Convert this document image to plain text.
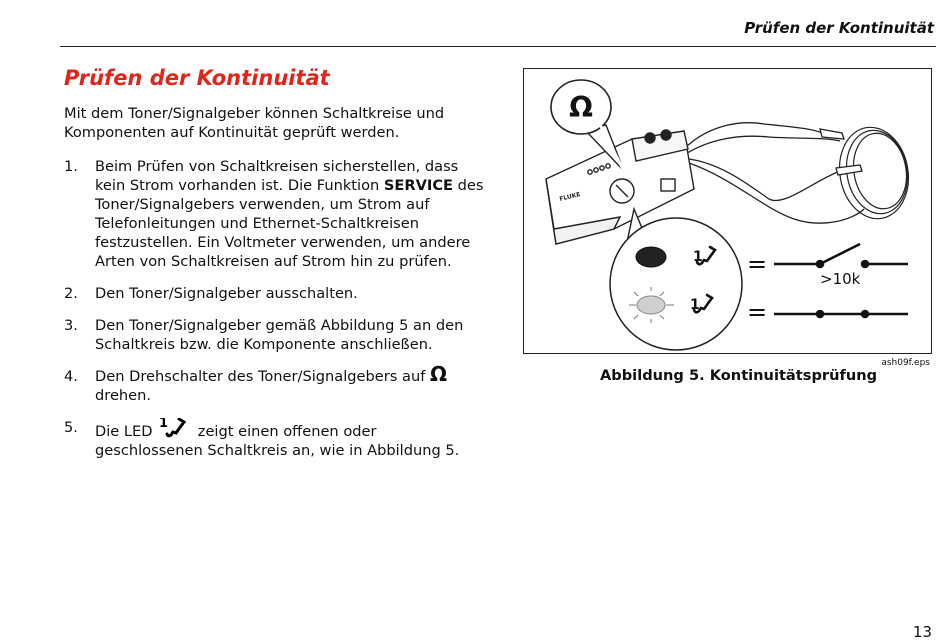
Prüfen der Kontinuität
Prüfen der Kontinuität
Mit dem Toner/Signalgeber können Schaltkreise und Komponenten auf Kontinuität geprüft werden.
1. Beim Prüfen von Schaltkreisen sicherstellen, dass kein Strom vorhanden ist. Die Funktion SERVICE des Toner/Signalgebers verwenden, um Strom auf Telefonleitungen und Ethernet-Schaltkreisen festzustellen. Ein Voltmeter verwenden, um andere Arten von Schaltkreisen auf Strom hin zu prüfen.
2. Den Toner/Signalgeber ausschalten.
3. Den Toner/Signalgeber gemäß Abbildung 5 an den Schaltkreis bzw. die Komponente anschließen.
4. Den Drehschalter des Toner/Signalgebers auf Ω drehen.
5. Die LED 1 zeigt einen offenen oder geschlossenen Schaltkreis an, wie in Abbildung 5.
FLUKE
Ω
1
1
=
=
>10k
ash09f.eps
Abbildung 5. Kontinuitätsprüfung
13
